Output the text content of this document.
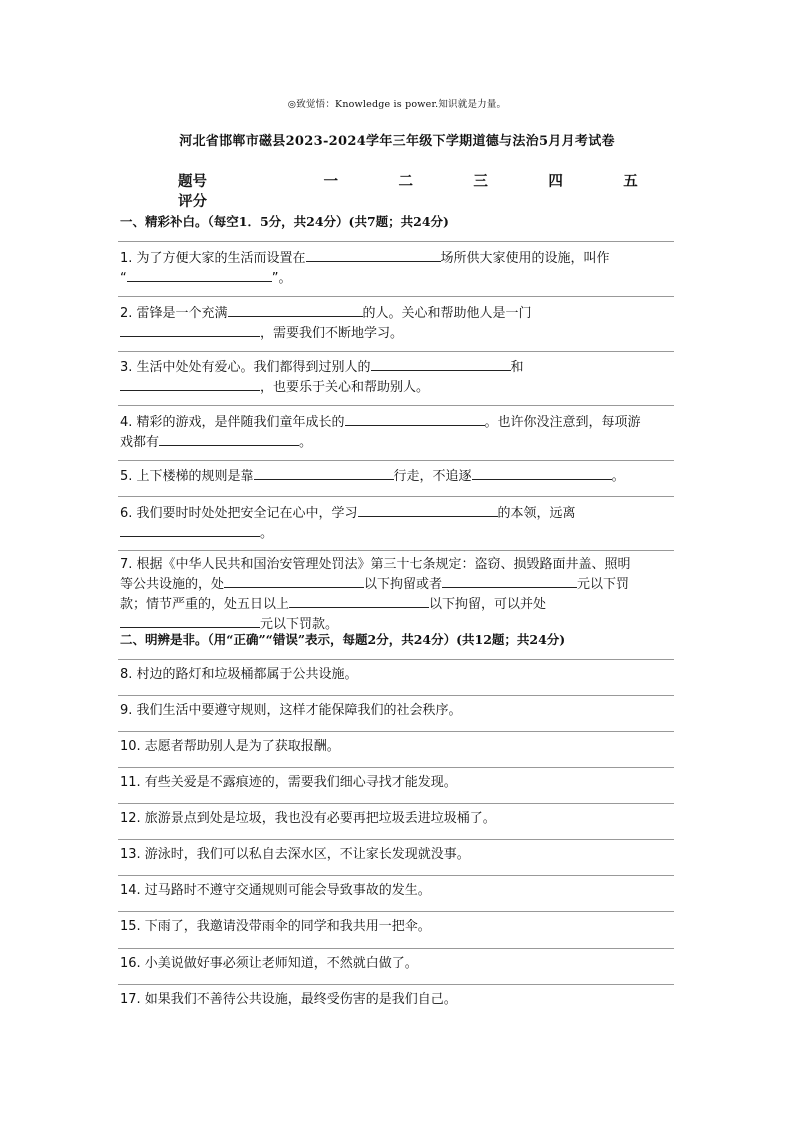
◎致觉悟：Knowledge is power.知识就是力量。
河北省邯郸市磁县2023-2024学年三年级下学期道德与法治5月月考试卷
题号	一	二	三	四	五
评分
一、精彩补白。（每空1．5分，共24分）(共7题；共24分)
1. 为了方便大家的生活而设置在	场所供大家使用的设施，叫作
“	”。
2. 雷锋是一个充满	的人。关心和帮助他人是一门
，需要我们不断地学习。
3. 生活中处处有爱心。我们都得到过别人的	和
，也要乐于关心和帮助别人。
4. 精彩的游戏，是伴随我们童年成长的	。也许你没注意到，每项游
戏都有	。
5. 上下楼梯的规则是靠	行走，不追逐	。
6. 我们要时时处处把安全记在心中，学习	的本领，远离
。
7. 根据《中华人民共和国治安管理处罚法》第三十七条规定：盗窃、损毁路面井盖、照明
等公共设施的，处	以下拘留或者	元以下罚
款；情节严重的，处五日以上	以下拘留，可以并处
元以下罚款。
二、明辨是非。（用“正确”“错误”表示，每题2分，共24分）(共12题；共24分)
8. 村边的路灯和垃圾桶都属于公共设施。
9. 我们生活中要遵守规则，这样才能保障我们的社会秩序。
10. 志愿者帮助别人是为了获取报酬。
11. 有些关爱是不露痕迹的，需要我们细心寻找才能发现。
12. 旅游景点到处是垃圾，我也没有必要再把垃圾丢进垃圾桶了。
13. 游泳时，我们可以私自去深水区，不让家长发现就没事。
14. 过马路时不遵守交通规则可能会导致事故的发生。
15. 下雨了，我邀请没带雨伞的同学和我共用一把伞。
16. 小美说做好事必须让老师知道，不然就白做了。
17. 如果我们不善待公共设施，最终受伤害的是我们自己。
